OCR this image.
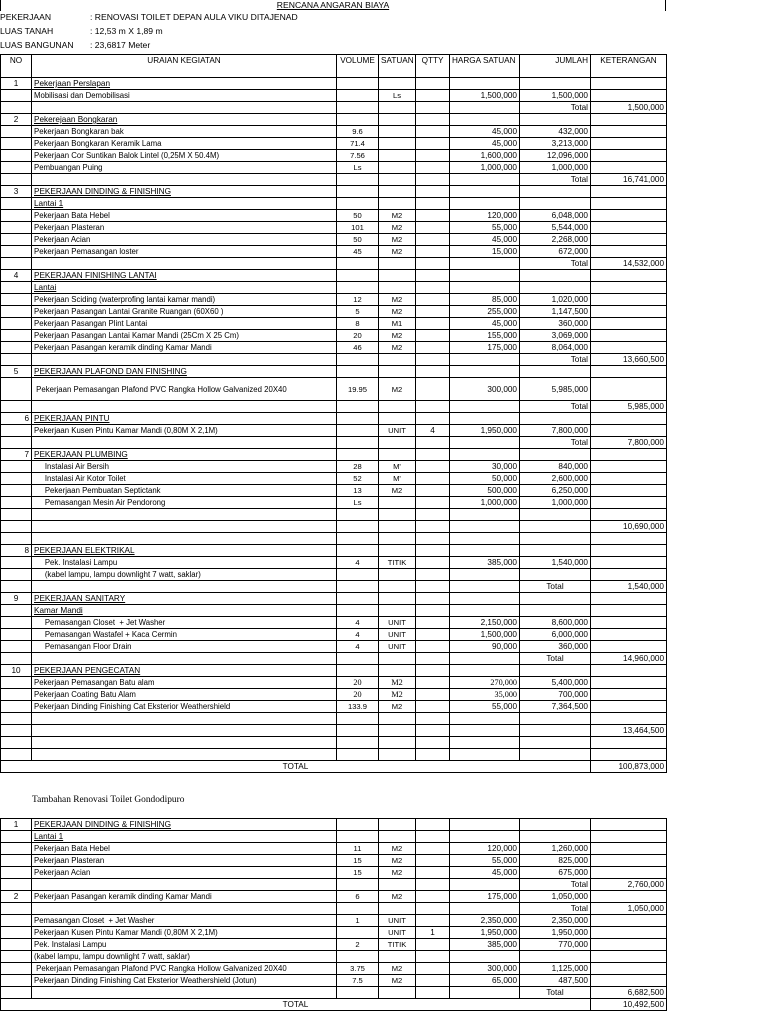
RENCANA ANGARAN BIAYA
PEKERJAAN	: RENOVASI TOILET DEPAN AULA VIKU DITAJENAD
LUAS TANAH	: 12,53 m X 1,89 m
LUAS BANGUNAN : 23,6817 Meter
NO	URAIAN KEGIATAN	VOLUME	SATUAN	QTTY	HARGA SATUAN	JUMLAH	KETERANGAN
1	Pekerjaan Perslapan						
	Mobilisasi dan Demobilisasi		Ls		1,500,000	1,500,000	
						Total	1,500,000
2	Pekerejaan Bongkaran						
	Pekerjaan Bongkaran bak	9.6			45,000	432,000	
	Pekerjaan Bongkaran Keramik Lama	71.4			45,000	3,213,000	
	Pekerjaan Cor Suntikan Balok Lintel (0,25M X 50.4M)	7.56			1,600,000	12,096,000	
	Pembuangan Puing	Ls			1,000,000	1,000,000	
						Total	16,741,000
3	PEKERJAAN DINDING & FINISHING						
	Lantai 1						
	Pekerjaan Bata Hebel	50	M2		120,000	6,048,000	
	Pekerjaan Plasteran	101	M2		55,000	5,544,000	
	Pekerjaan Acian	50	M2		45,000	2,268,000	
	Pekerjaan Pemasangan loster	45	M2		15,000	672,000	
						Total	14,532,000
4	PEKERJAAN FINISHING LANTAI						
	Lantai						
	Pekerjaan Sciding (waterprofing lantai kamar mandi)	12	M2		85,000	1,020,000	
	Pekerjaan Pasangan Lantai Granite Ruangan (60X60 )	5	M2		255,000	1,147,500	
	Pekerjaan Pasangan Plint Lantai	8	M1		45,000	360,000	
	Pekerjaan Pasangan Lantai Kamar Mandi (25Cm X 25 Cm)	20	M2		155,000	3,069,000	
	Pekerjaan Pasangan keramik dinding Kamar Mandi	46	M2		175,000	8,064,000	
						Total	13,660,500
5	PEKERJAAN PLAFOND DAN FINISHING						
	Pekerjaan Pemasangan Plafond PVC Rangka Hollow Galvanized 20X40	19.95	M2		300,000	5,985,000	
						Total	5,985,000
6	PEKERJAAN PINTU						
	Pekerjaan Kusen Pintu Kamar Mandi (0,80M X 2,1M)		UNIT	4	1,950,000	7,800,000	
						Total	7,800,000
7	PEKERJAAN PLUMBING						
	Instalasi Air Bersih	28	M'		30,000	840,000	
	Instalasi Air Kotor Toilet	52	M'		50,000	2,600,000	
	Pekerjaan Pembuatan Septictank	13	M2		500,000	6,250,000	
	Pemasangan Mesin Air Pendorong	Ls			1,000,000	1,000,000	

							10,690,000

8	PEKERJAAN ELEKTRIKAL						
	Pek. Instalasi Lampu	4	TITIK		385,000	1,540,000	
	(kabel lampu, lampu downlight 7 watt, saklar)						
						Total	1,540,000
9	PEKERJAAN SANITARY						
	Kamar Mandi						
	Pemasangan Closet  + Jet Washer	4	UNIT		2,150,000	8,600,000	
	Pemasangan Wastafel + Kaca Cermin	4	UNIT		1,500,000	6,000,000	
	Pemasangan Floor Drain	4	UNIT		90,000	360,000	
						Total	14,960,000
10	PEKERJAAN PENGECATAN						
	Pekerjaan Pemasangan Batu alam	20	M2		270,000	5,400,000	
	Pekerjaan Coating Batu Alam	20	M2		35,000	700,000	
	Pekerjaan Dinding Finishing Cat Eksterior Weathershield	133.9	M2		55,000	7,364,500	

							13,464,500

TOTAL							100,873,000
Tambahan Renovasi Toilet Gondodipuro
1	PEKERJAAN DINDING & FINISHING						
	Lantai 1						
	Pekerjaan Bata Hebel	11	M2		120,000	1,260,000	
	Pekerjaan Plasteran	15	M2		55,000	825,000	
	Pekerjaan Acian	15	M2		45,000	675,000	
						Total	2,760,000
2	Pekerjaan Pasangan keramik dinding Kamar Mandi	6	M2		175,000	1,050,000	
						Total	1,050,000
	Pemasangan Closet  + Jet Washer	1	UNIT		2,350,000	2,350,000	
	Pekerjaan Kusen Pintu Kamar Mandi (0,80M X 2,1M)		UNIT	1	1,950,000	1,950,000	
	Pek. Instalasi Lampu	2	TITIK		385,000	770,000	
	(kabel lampu, lampu downlight 7 watt, saklar)						
	Pekerjaan Pemasangan Plafond PVC Rangka Hollow Galvanized 20X40	3.75	M2		300,000	1,125,000	
	Pekerjaan Dinding Finishing Cat Eksterior Weathershield (Jotun)	7.5	M2		65,000	487,500	
						Total	6,682,500
TOTAL							10,492,500
